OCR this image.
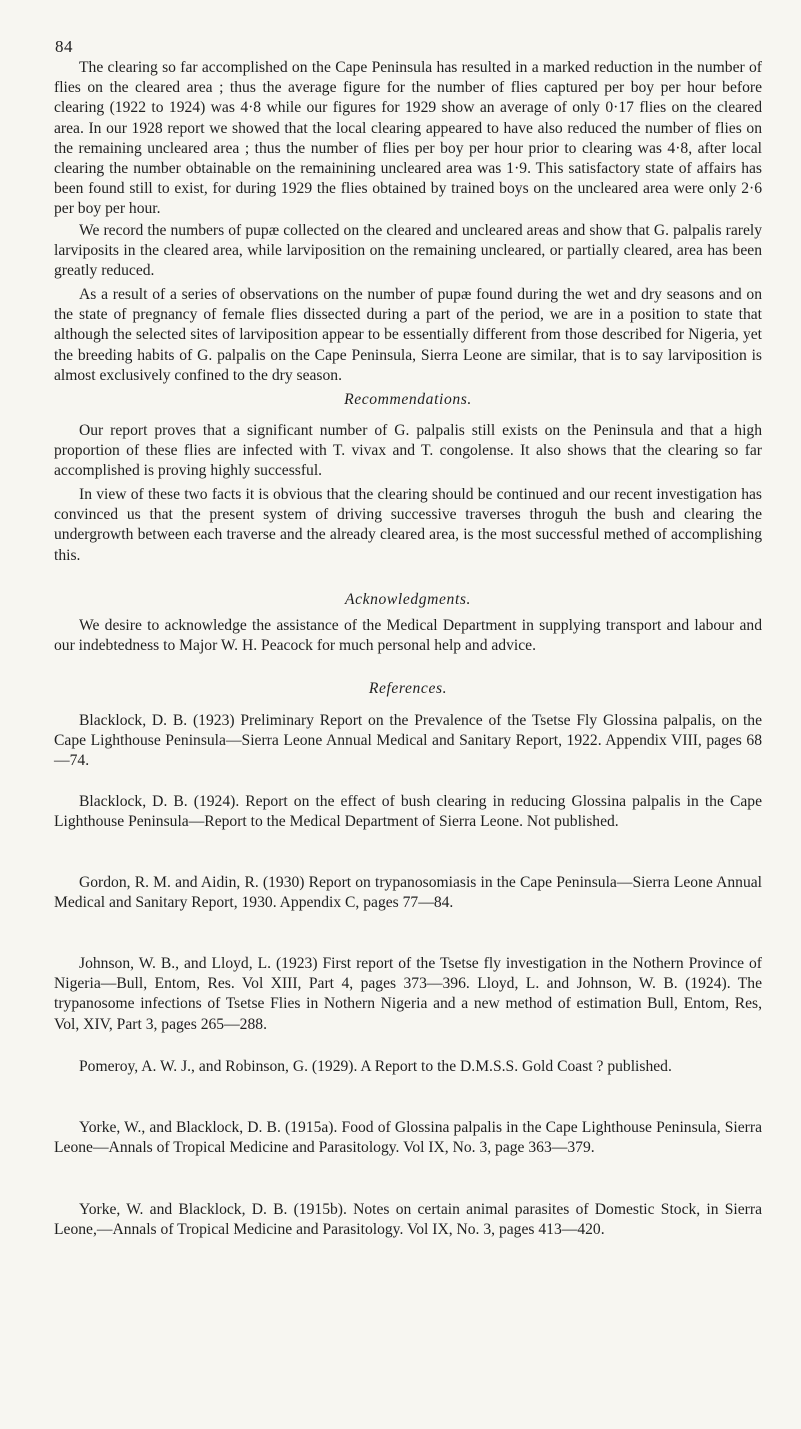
84

The clearing so far accomplished on the Cape Peninsula has resulted in a marked reduction in the number of flies on the cleared area ; thus the average figure for the number of flies captured per boy per hour before clearing (1922 to 1924) was 4·8 while our figures for 1929 show an average of only 0·17 flies on the cleared area. In our 1928 report we showed that the local clearing appeared to have also reduced the number of flies on the remaining uncleared area ; thus the number of flies per boy per hour prior to clearing was 4·8, after local clearing the number obtainable on the remainining uncleared area was 1·9. This satisfactory state of affairs has been found still to exist, for during 1929 the flies obtained by trained boys on the uncleared area were only 2·6 per boy per hour.

We record the numbers of pupæ collected on the cleared and uncleared areas and show that G. palpalis rarely larviposits in the cleared area, while larviposition on the remaining uncleared, or partially cleared, area has been greatly reduced.

As a result of a series of observations on the number of pupæ found during the wet and dry seasons and on the state of pregnancy of female flies dissected during a part of the period, we are in a position to state that although the selected sites of larviposition appear to be essentially different from those described for Nigeria, yet the breeding habits of G. palpalis on the Cape Peninsula, Sierra Leone are similar, that is to say larviposition is almost exclusively confined to the dry season.

Recommendations.

Our report proves that a significant number of G. palpalis still exists on the Peninsula and that a high proportion of these flies are infected with T. vivax and T. congolense. It also shows that the clearing so far accomplished is proving highly successful.

In view of these two facts it is obvious that the clearing should be continued and our recent investigation has convinced us that the present system of driving successive traverses throguh the bush and clearing the undergrowth between each traverse and the already cleared area, is the most successful methed of accomplishing this.

Acknowledgments.

We desire to acknowledge the assistance of the Medical Department in supplying transport and labour and our indebtedness to Major W. H. Peacock for much personal help and advice.

References.

Blacklock, D. B. (1923) Preliminary Report on the Prevalence of the Tsetse Fly Glossina palpalis, on the Cape Lighthouse Peninsula—Sierra Leone Annual Medical and Sanitary Report, 1922. Appendix VIII, pages 68—74.

Blacklock, D. B. (1924). Report on the effect of bush clearing in reducing Glossina palpalis in the Cape Lighthouse Peninsula—Report to the Medical Department of Sierra Leone. Not published.

Gordon, R. M. and Aidin, R. (1930) Report on trypanosomiasis in the Cape Peninsula—Sierra Leone Annual Medical and Sanitary Report, 1930. Appendix C, pages 77—84.

Johnson, W. B., and Lloyd, L. (1923) First report of the Tsetse fly investigation in the Nothern Province of Nigeria—Bull, Entom, Res. Vol XIII, Part 4, pages 373—396. Lloyd, L. and Johnson, W. B. (1924). The trypanosome infections of Tsetse Flies in Nothern Nigeria and a new method of estimation Bull, Entom, Res, Vol, XIV, Part 3, pages 265—288.

Pomeroy, A. W. J., and Robinson, G. (1929). A Report to the D.M.S.S. Gold Coast ? published.

Yorke, W., and Blacklock, D. B. (1915a). Food of Glossina palpalis in the Cape Lighthouse Peninsula, Sierra Leone—Annals of Tropical Medicine and Parasitology. Vol IX, No. 3, page 363—379.

Yorke, W. and Blacklock, D. B. (1915b). Notes on certain animal parasites of Domestic Stock, in Sierra Leone,—Annals of Tropical Medicine and Parasitology. Vol IX, No. 3, pages 413—420.
